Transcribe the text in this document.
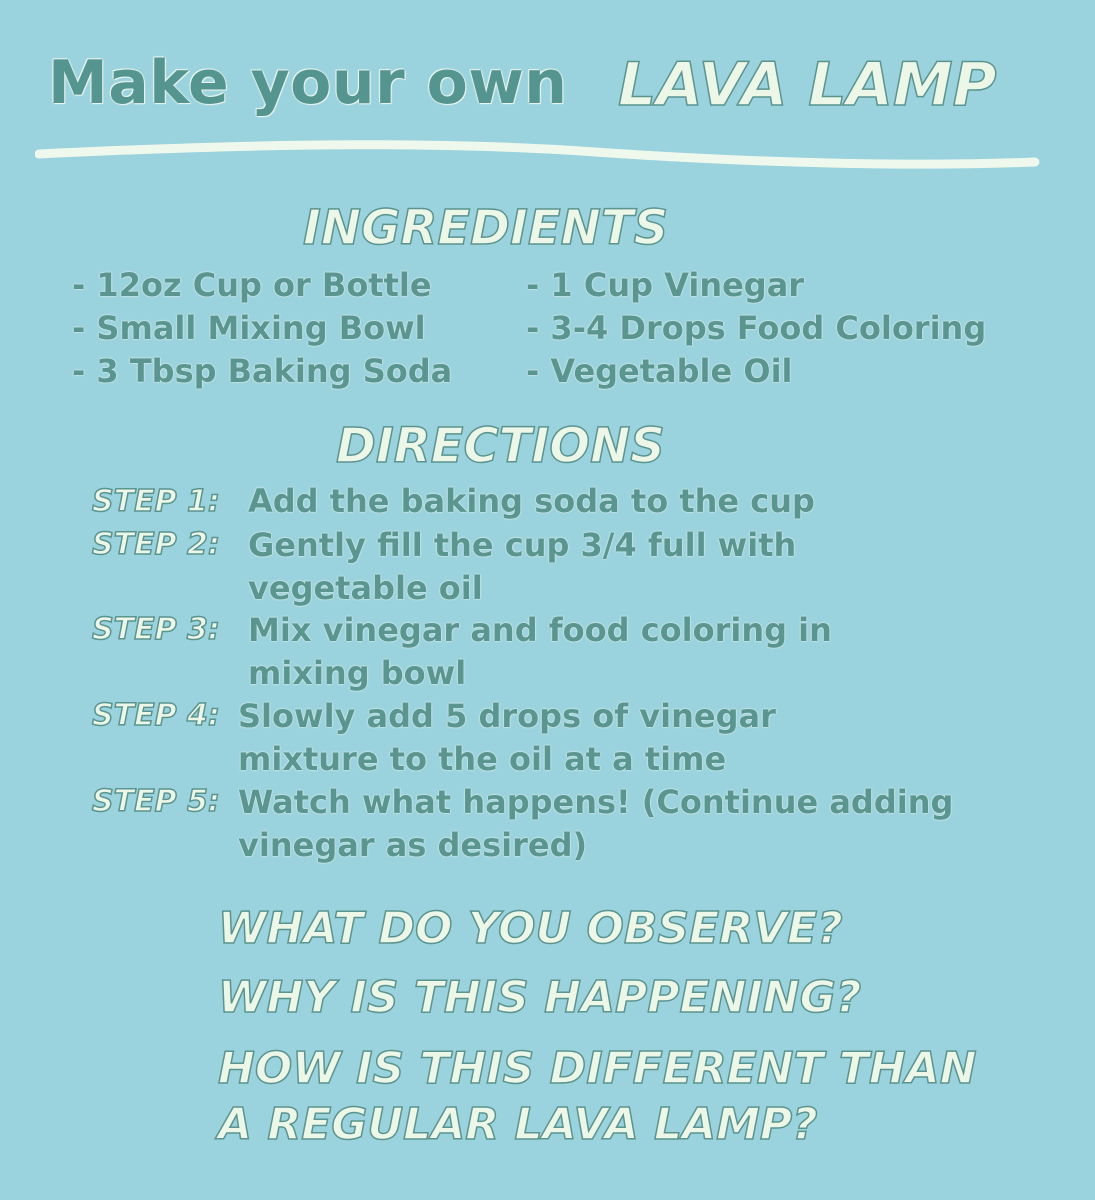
Make your own LAVA LAMP
INGREDIENTS
- 12oz Cup or Bottle
- Small Mixing Bowl
- 3 Tbsp Baking Soda
- 1 Cup Vinegar
- 3-4 Drops Food Coloring
- Vegetable Oil
DIRECTIONS
STEP 1: Add the baking soda to the cup
STEP 2: Gently fill the cup 3/4 full with
vegetable oil
STEP 3: Mix vinegar and food coloring in
mixing bowl
STEP 4: Slowly add 5 drops of vinegar
mixture to the oil at a time
STEP 5: Watch what happens! (Continue adding
vinegar as desired)
WHAT DO YOU OBSERVE?
WHY IS THIS HAPPENING?
HOW IS THIS DIFFERENT THAN
A REGULAR LAVA LAMP?
